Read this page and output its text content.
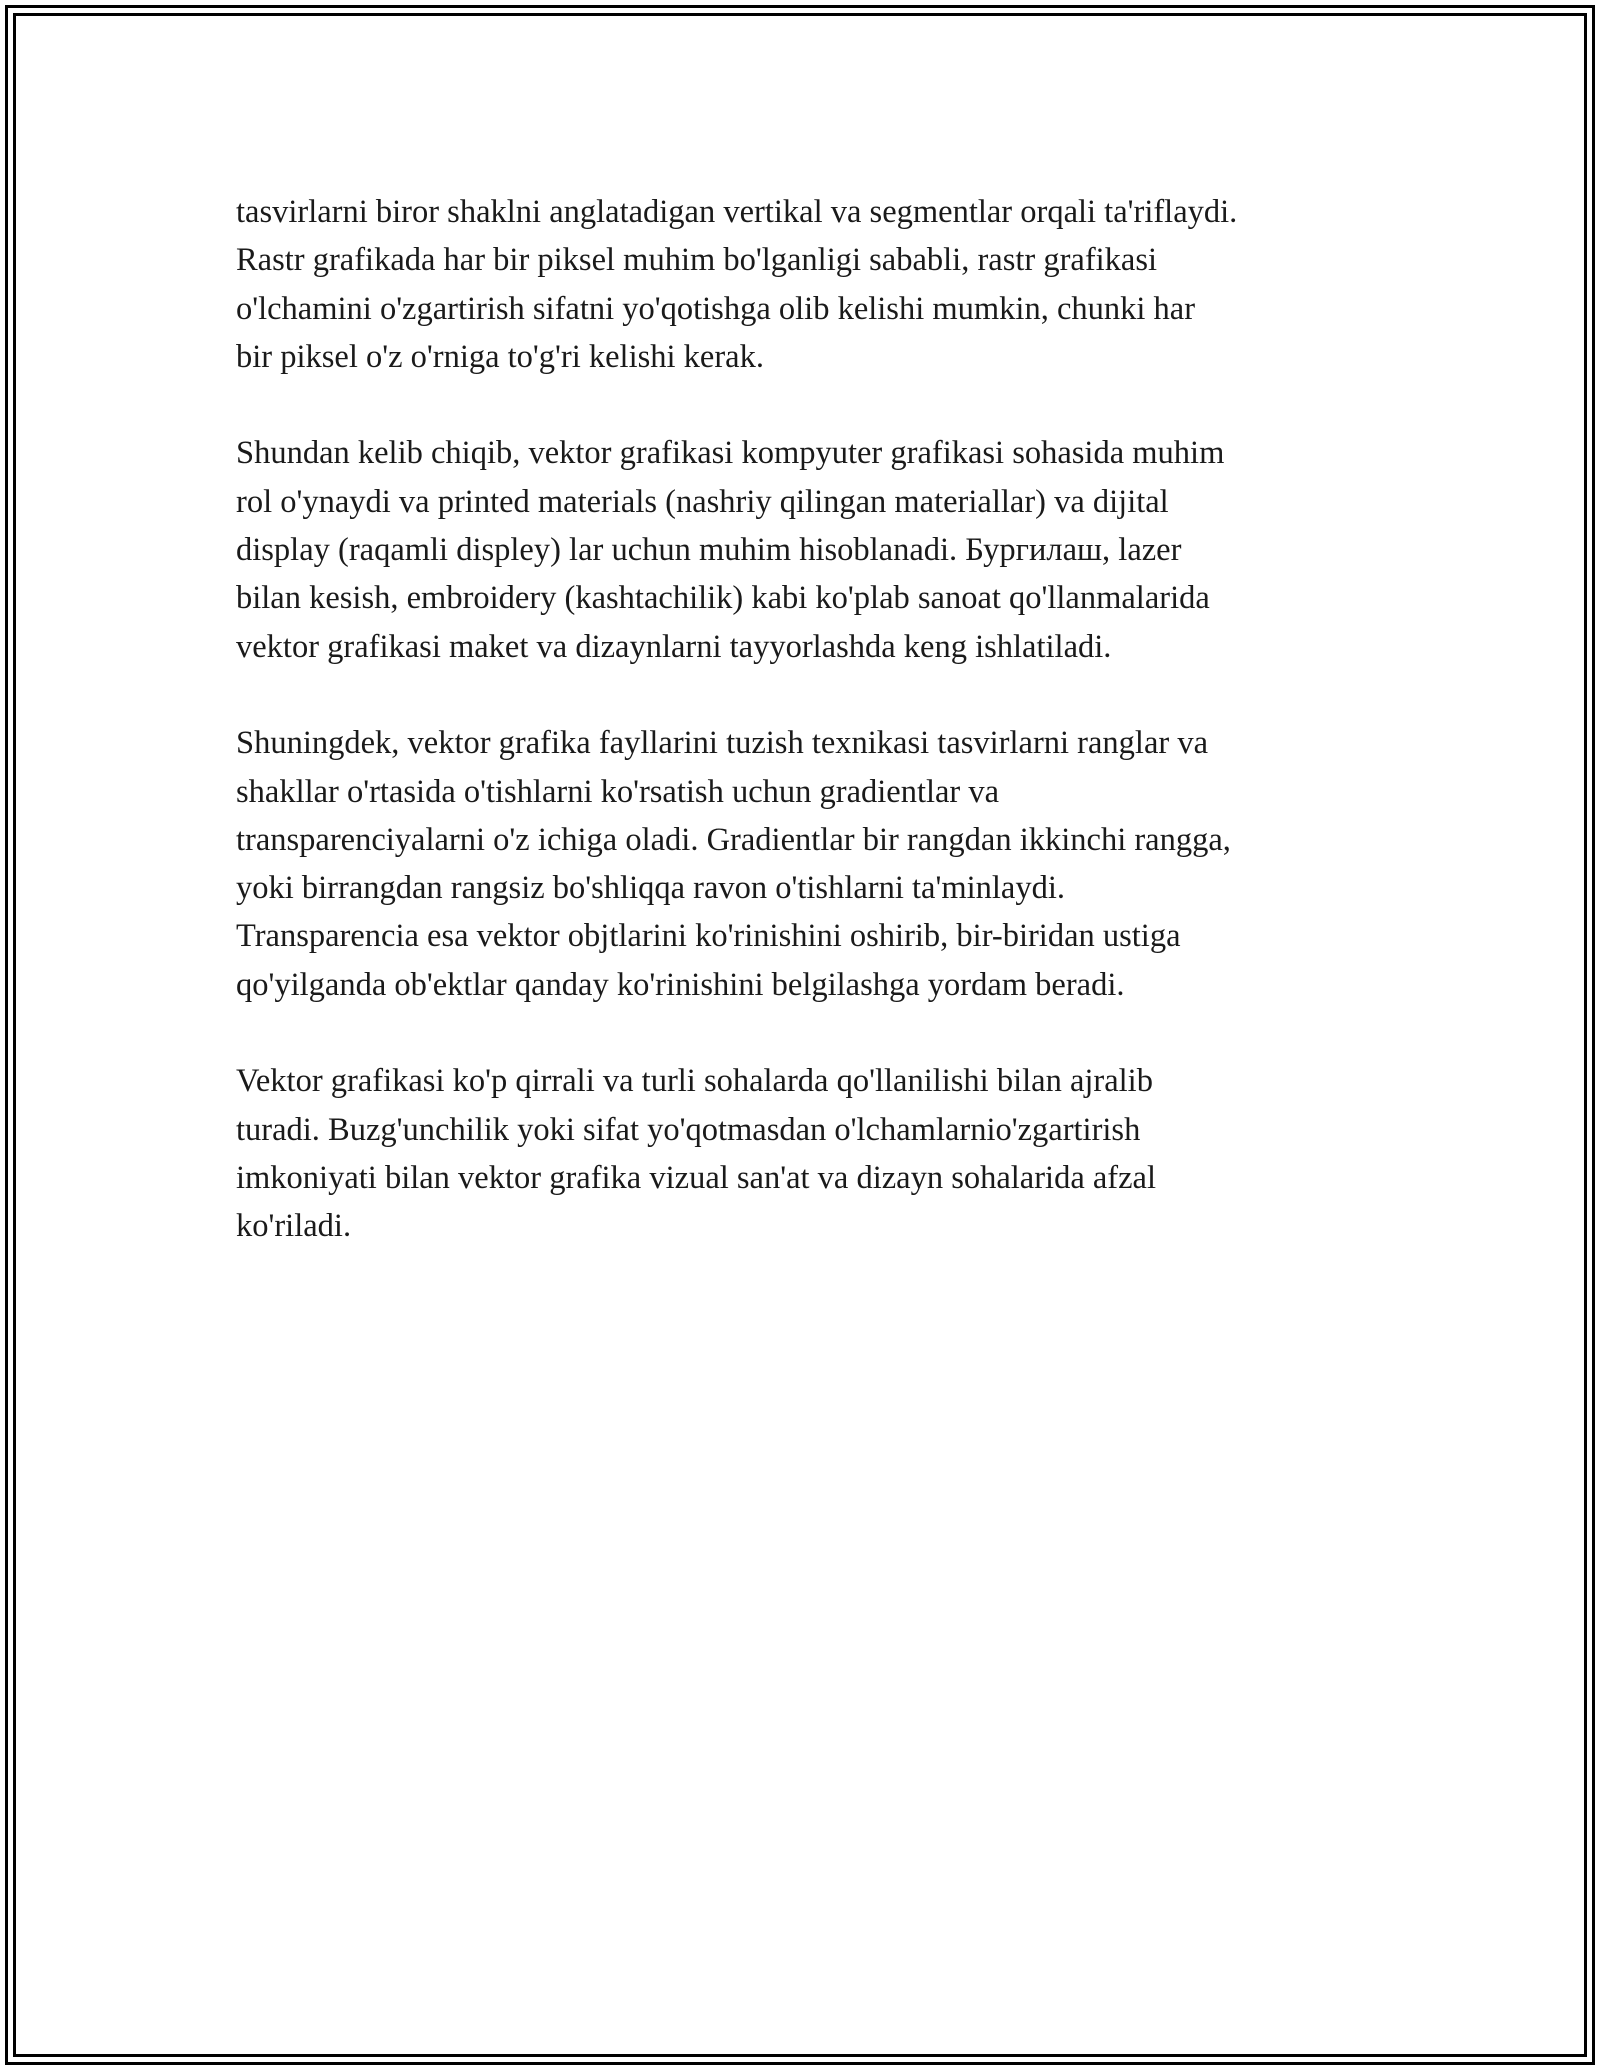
tasvirlarni biror shaklni anglatadigan vertikal va segmentlar orqali ta'riflaydi.
Rastr grafikada har bir piksel muhim bo'lganligi sababli, rastr grafikasi
o'lchamini o'zgartirish sifatni yo'qotishga olib kelishi mumkin, chunki har
bir piksel o'z o'rniga to'g'ri kelishi kerak.

Shundan kelib chiqib, vektor grafikasi kompyuter grafikasi sohasida muhim
rol o'ynaydi va printed materials (nashriy qilingan materiallar) va dijital
display (raqamli displey) lar uchun muhim hisoblanadi. Бургилаш, lazer
bilan kesish, embroidery (kashtachilik) kabi ko'plab sanoat qo'llanmalarida
vektor grafikasi maket va dizaynlarni tayyorlashda keng ishlatiladi.

Shuningdek, vektor grafika fayllarini tuzish texnikasi tasvirlarni ranglar va
shakllar o'rtasida o'tishlarni ko'rsatish uchun gradientlar va
transparenciyalarni o'z ichiga oladi. Gradientlar bir rangdan ikkinchi rangga,
yoki birrangdan rangsiz bo'shliqqa ravon o'tishlarni ta'minlaydi.
Transparencia esa vektor objtlarini ko'rinishini oshirib, bir-biridan ustiga
qo'yilganda ob'ektlar qanday ko'rinishini belgilashga yordam beradi.

Vektor grafikasi ko'p qirrali va turli sohalarda qo'llanilishi bilan ajralib
turadi. Buzg'unchilik yoki sifat yo'qotmasdan o'lchamlarnio'zgartirish
imkoniyati bilan vektor grafika vizual san'at va dizayn sohalarida afzal
ko'riladi.
